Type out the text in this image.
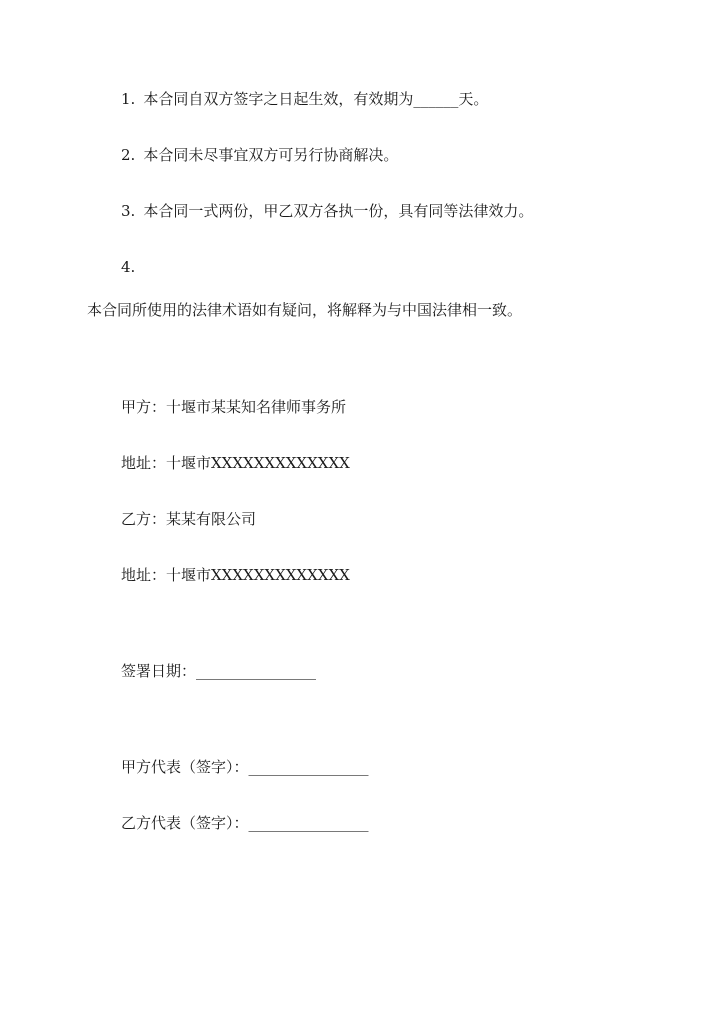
1. 本合同自双方签字之日起生效，有效期为______天。
2. 本合同未尽事宜双方可另行协商解决。
3. 本合同一式两份，甲乙双方各执一份，具有同等法律效力。
4.
本合同所使用的法律术语如有疑问，将解释为与中国法律相一致。
甲方：十堰市某某知名律师事务所
地址：十堰市XXXXXXXXXXXXX
乙方：某某有限公司
地址：十堰市XXXXXXXXXXXXX
签署日期：________________
甲方代表（签字）：________________
乙方代表（签字）：________________
